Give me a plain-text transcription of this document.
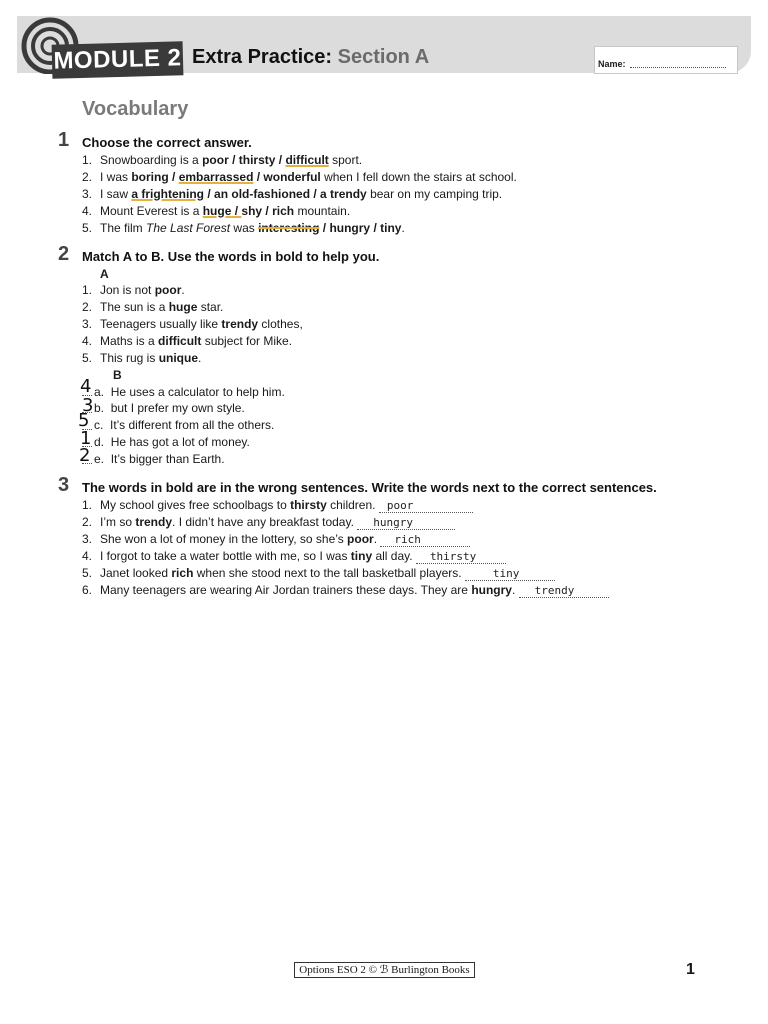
MODULE 2 Extra Practice: Section A	Name:
Vocabulary
1 Choose the correct answer.
1. Snowboarding is a poor / thirsty / difficult sport.
2. I was boring / embarrassed / wonderful when I fell down the stairs at school.
3. I saw a frightening / an old-fashioned / a trendy bear on my camping trip.
4. Mount Everest is a huge / shy / rich mountain.
5. The film The Last Forest was interesting / hungry / tiny.
2 Match A to B. Use the words in bold to help you.
A
1. Jon is not poor.
2. The sun is a huge star.
3. Teenagers usually like trendy clothes,
4. Maths is a difficult subject for Mike.
5. This rug is unique.
B
4 a. He uses a calculator to help him.
3 b. but I prefer my own style.
5 c. It’s different from all the others.
1 d. He has got a lot of money.
2 e. It’s bigger than Earth.
3 The words in bold are in the wrong sentences. Write the words next to the correct sentences.
1. My school gives free schoolbags to thirsty children. poor
2. I’m so trendy. I didn’t have any breakfast today. hungry
3. She won a lot of money in the lottery, so she’s poor. rich
4. I forgot to take a water bottle with me, so I was tiny all day. thirsty
5. Janet looked rich when she stood next to the tall basketball players.	tiny
6. Many teenagers are wearing Air Jordan trainers these days. They are hungry. trendy
Options ESO 2 © ℬ Burlington Books	1
